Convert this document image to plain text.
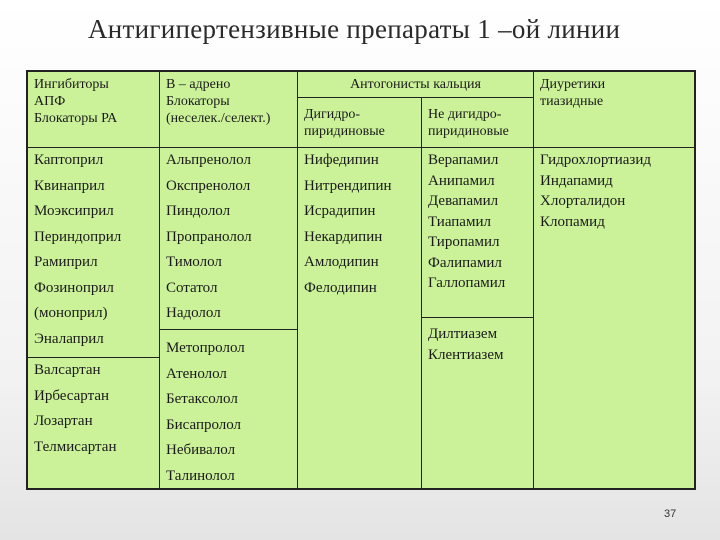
Антигипертензивные препараты 1 –ой линии
Ингибиторы
АПФ
Блокаторы РА
В – адрено
Блокаторы
(неселек./селект.)
Антогонисты кальция
Дигидро-
пиридиновые
Не дигидро-
пиридиновые
Диуретики
тиазидные
Каптоприл
Квинаприл
Моэксиприл
Периндоприл
Рамиприл
Фозиноприл
(моноприл)
Эналаприл
Валсартан
Ирбесартан
Лозартан
Телмисартан
Альпренолол
Окспренолол
Пиндолол
Пропранолол
Тимолол
Сотатол
Надолол
Метопролол
Атенолол
Бетаксолол
Бисапролол
Небивалол
Талинолол
Нифедипин
Нитрендипин
Исрадипин
Некардипин
Амлодипин
Фелодипин
Верапамил
Анипамил
Девапамил
Тиапамил
Тиропамил
Фалипамил
Галлопамил
Дилтиазем
Клентиазем
Гидрохлортиазид
Индапамид
Хлорталидон
Клопамид
37
